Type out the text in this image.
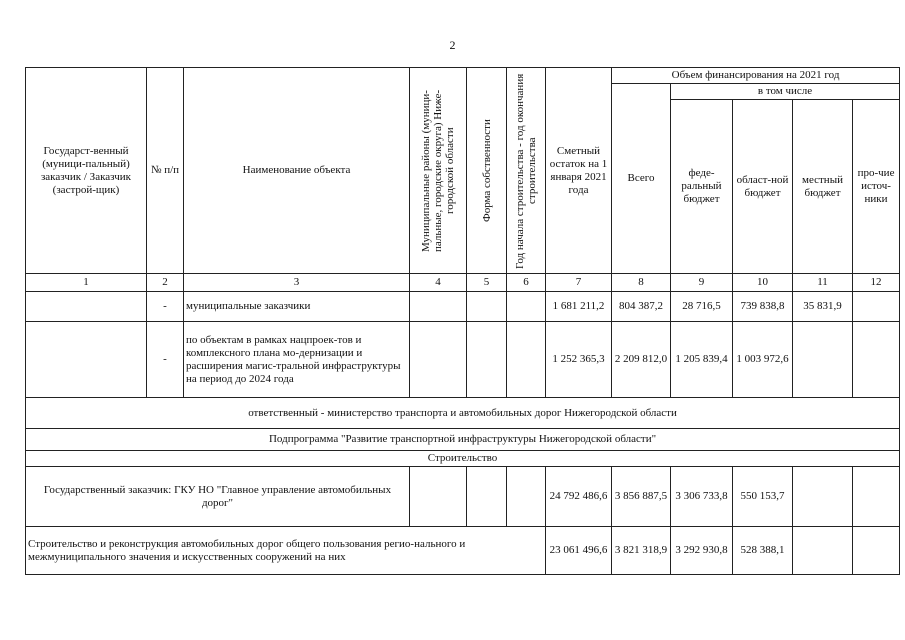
2
Государст-венный (муници-пальный) заказчик / Заказчик (застрой-щик)	№ п/п	Наименование объекта	Муниципальные районы (муници-пальные, городские округа) Ниже-городской области	Форма собственности	Год начала строительства - год окончания строительства	Сметный остаток на 1 января 2021 года	Объем финансирования на 2021 год				
							Всего	в том числе			
								феде-ральный бюджет	област-ной бюджет	местный бюджет	про-чие источ-ники
1	2	3	4	5	6	7	8	9	10	11	12
	-	муниципальные заказчики				1 681 211,2	804 387,2	28 716,5	739 838,8	35 831,9	
	-	по объектам в рамках нацпроек-тов и комплексного плана мо-дернизации и расширения магис-тральной инфраструктуры на период до 2024 года				1 252 365,3	2 209 812,0	1 205 839,4	1 003 972,6		
ответственный - министерство транспорта и автомобильных дорог Нижегородской области											
Подпрограмма "Развитие транспортной инфраструктуры Нижегородской области"											
Строительство											
Государственный заказчик: ГКУ НО "Главное управление автомобильных дорог"						24 792 486,6	3 856 887,5	3 306 733,8	550 153,7		
Строительство и реконструкция автомобильных дорог общего пользования регио-нального и межмуниципального значения и искусственных сооружений на них						23 061 496,6	3 821 318,9	3 292 930,8	528 388,1		
